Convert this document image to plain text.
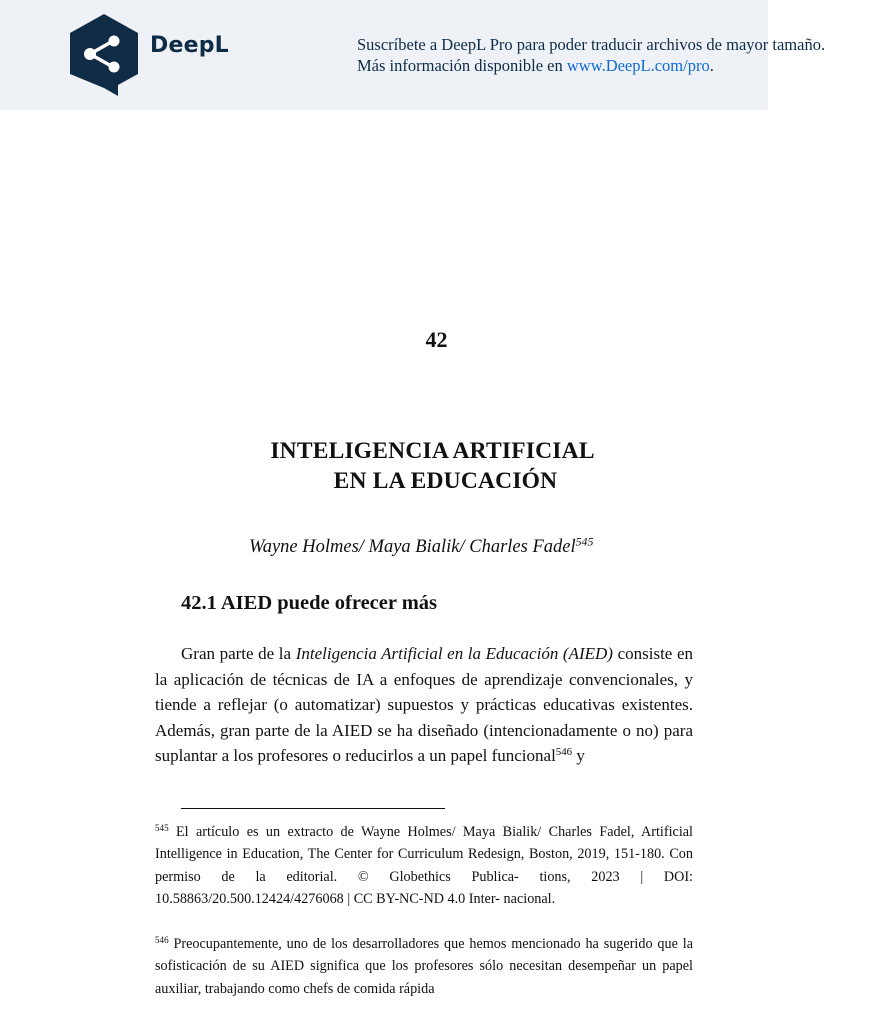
DeepL	Suscríbete a DeepL Pro para poder traducir archivos de mayor tamaño.
Más información disponible en www.DeepL.com/pro.
42
INTELIGENCIA ARTIFICIAL
EN LA EDUCACIÓN
Wayne Holmes/ Maya Bialik/ Charles Fadel$^{545}$
42.1 AIED puede ofrecer más

Gran parte de la Inteligencia Artificial en la Educación (AIED) consiste en la aplicación de técnicas de IA a enfoques de aprendizaje convencionales, y tiende a reflejar (o automatizar) supuestos y prácticas educativas existentes. Además, gran parte de la AIED se ha diseñado (intencionadamente o no) para suplantar a los profesores o reducirlos a un papel funcional$^{546}$ y

$^{545}$ El artículo es un extracto de Wayne Holmes/ Maya Bialik/ Charles Fadel, Artificial Intelligence in Education, The Center for Curriculum Redesign, Boston, 2019, 151-180. Con permiso de la editorial. © Globethics Publica- tions, 2023 | DOI: 10.58863/20.500.12424/4276068 | CC BY-NC-ND 4.0 Inter- nacional.

$^{546}$ Preocupantemente, uno de los desarrolladores que hemos mencionado ha sugerido que la sofisticación de su AIED significa que los profesores sólo necesitan desempeñar un papel auxiliar, trabajando como chefs de comida rápida
